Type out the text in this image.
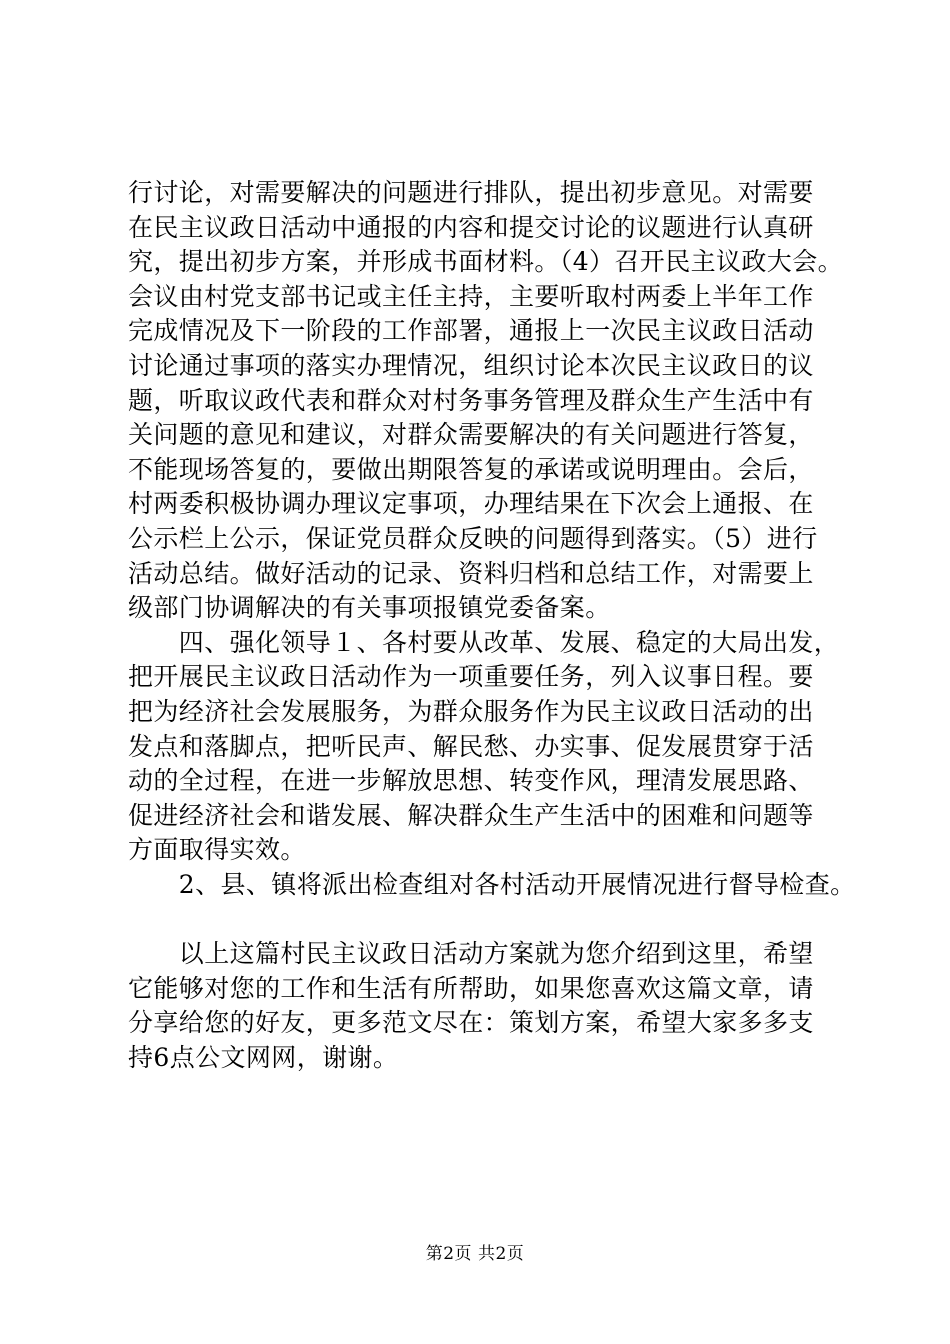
行讨论，对需要解决的问题进行排队，提出初步意见。对需要
在民主议政日活动中通报的内容和提交讨论的议题进行认真研
究，提出初步方案，并形成书面材料。（4）召开民主议政大会。
会议由村党支部书记或主任主持，主要听取村两委上半年工作
完成情况及下一阶段的工作部署，通报上一次民主议政日活动
讨论通过事项的落实办理情况，组织讨论本次民主议政日的议
题，听取议政代表和群众对村务事务管理及群众生产生活中有
关问题的意见和建议，对群众需要解决的有关问题进行答复，
不能现场答复的，要做出期限答复的承诺或说明理由。会后，
村两委积极协调办理议定事项，办理结果在下次会上通报、在
公示栏上公示，保证党员群众反映的问题得到落实。（5）进行
活动总结。做好活动的记录、资料归档和总结工作，对需要上
级部门协调解决的有关事项报镇党委备案。
　　四、强化领导１、各村要从改革、发展、稳定的大局出发，
把开展民主议政日活动作为一项重要任务，列入议事日程。要
把为经济社会发展服务，为群众服务作为民主议政日活动的出
发点和落脚点，把听民声、解民愁、办实事、促发展贯穿于活
动的全过程，在进一步解放思想、转变作风，理清发展思路、
促进经济社会和谐发展、解决群众生产生活中的困难和问题等
方面取得实效。
　　2、县、镇将派出检查组对各村活动开展情况进行督导检查。
　　以上这篇村民主议政日活动方案就为您介绍到这里，希望
它能够对您的工作和生活有所帮助，如果您喜欢这篇文章，请
分享给您的好友，更多范文尽在：策划方案，希望大家多多支
持6点公文网网，谢谢。
第2页 共2页
